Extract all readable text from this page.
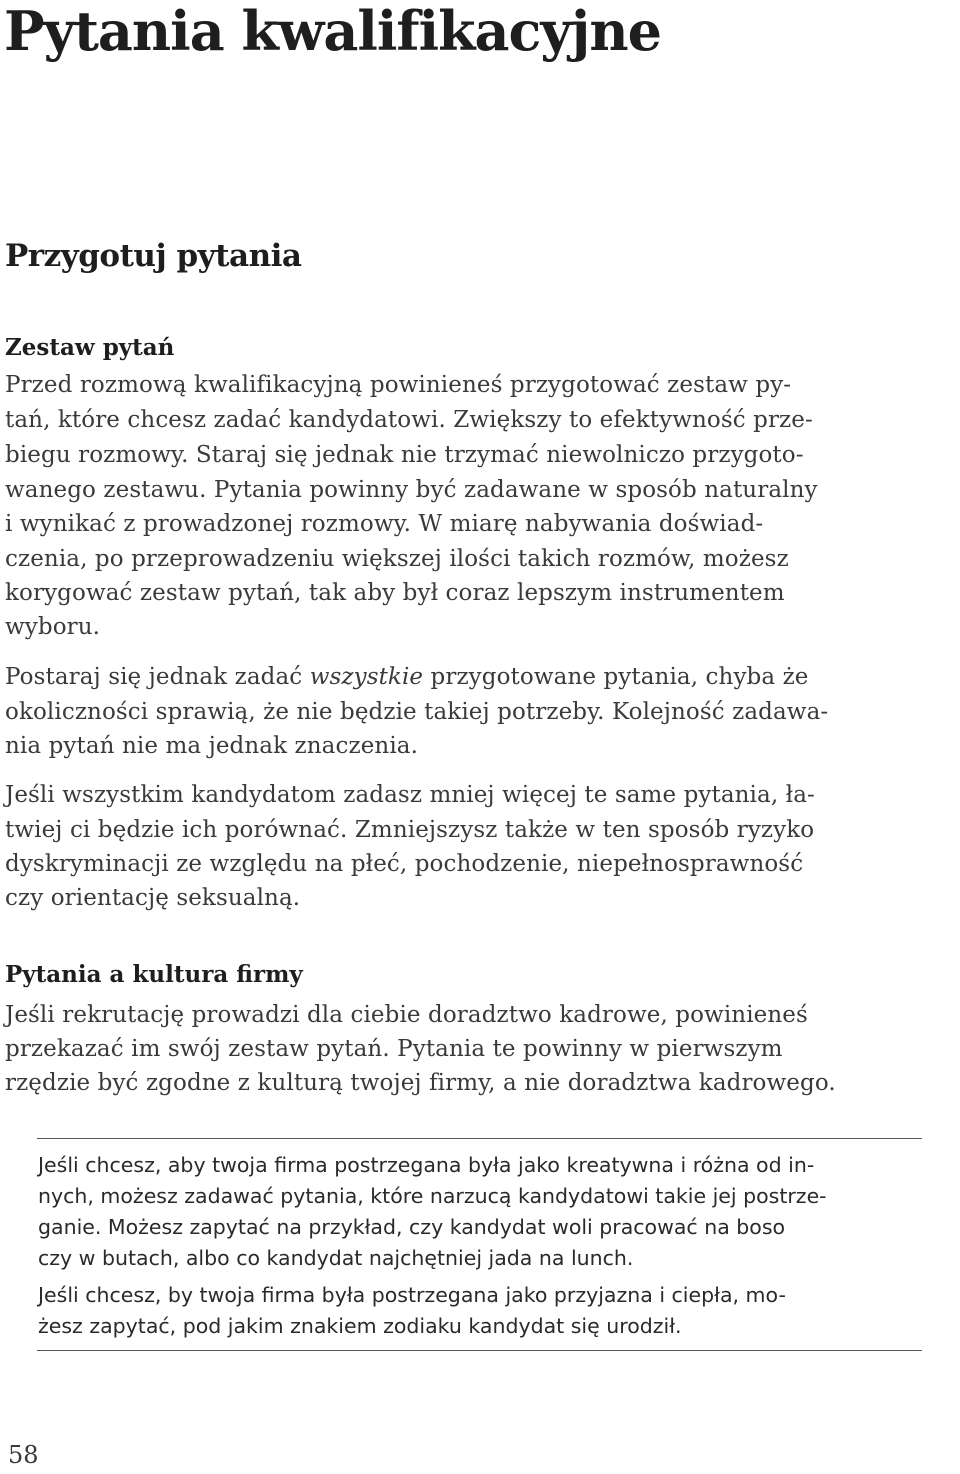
Pytania kwalifikacyjne
Przygotuj pytania
Zestaw pytań
Przed rozmową kwalifikacyjną powinieneś przygotować zestaw py-
tań, które chcesz zadać kandydatowi. Zwiększy to efektywność prze-
biegu rozmowy. Staraj się jednak nie trzymać niewolniczo przygoto-
wanego zestawu. Pytania powinny być zadawane w sposób naturalny
i wynikać z prowadzonej rozmowy. W miarę nabywania doświad-
czenia, po przeprowadzeniu większej ilości takich rozmów, możesz
korygować zestaw pytań, tak aby był coraz lepszym instrumentem
wyboru.
Postaraj się jednak zadać wszystkie przygotowane pytania, chyba że
okoliczności sprawią, że nie będzie takiej potrzeby. Kolejność zadawa-
nia pytań nie ma jednak znaczenia.
Jeśli wszystkim kandydatom zadasz mniej więcej te same pytania, ła-
twiej ci będzie ich porównać. Zmniejszysz także w ten sposób ryzyko
dyskryminacji ze względu na płeć, pochodzenie, niepełnosprawność
czy orientację seksualną.
Pytania a kultura firmy
Jeśli rekrutację prowadzi dla ciebie doradztwo kadrowe, powinieneś
przekazać im swój zestaw pytań. Pytania te powinny w pierwszym
rzędzie być zgodne z kulturą twojej firmy, a nie doradztwa kadrowego.
Jeśli chcesz, aby twoja firma postrzegana była jako kreatywna i różna od in-
nych, możesz zadawać pytania, które narzucą kandydatowi takie jej postrze-
ganie. Możesz zapytać na przykład, czy kandydat woli pracować na boso
czy w butach, albo co kandydat najchętniej jada na lunch.
Jeśli chcesz, by twoja firma była postrzegana jako przyjazna i ciepła, mo-
żesz zapytać, pod jakim znakiem zodiaku kandydat się urodził.
58
